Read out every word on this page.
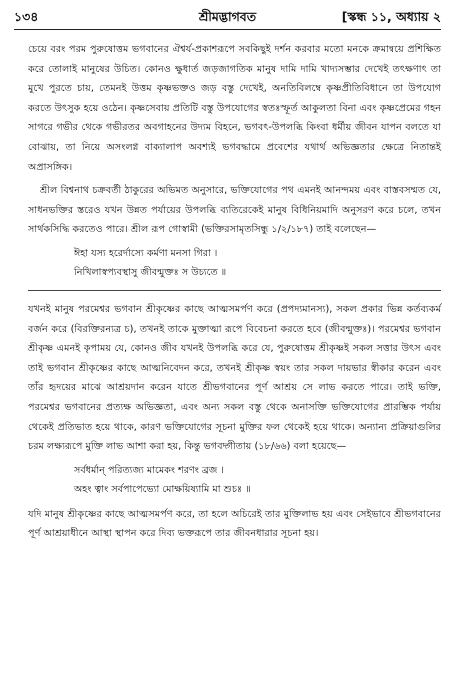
১৩৪	শ্রীমদ্ভাগবত	[স্কন্ধ ১১, অধ্যায় ২

চেয়ে বরং পরম পুরুষোত্তম ভগবানের ঐশ্বর্য-প্রকাশরূপে সবকিছুই দর্শন করবার মতো মনকে ক্রমান্বয়ে প্রশিক্ষিত করে তোলাই মানুষের উচিত। কোনও ক্ষুধার্ত জড়জাগতিক মানুষ দামি দামি খাদ্যসম্ভার দেখেই তৎক্ষণাৎ তা মুখে পুরতে চায়, তেমনই উত্তম কৃষ্ণভক্তও জড় বস্তু দেখেই, অনতিবিলম্বে কৃষ্ণপ্রীতিবিধানে তা উপযোগ করতে উৎসুক হয়ে ওঠেন। কৃষ্ণসেবায় প্রতিটি বস্তু উপযোগের স্বতঃস্ফূর্ত আকুলতা বিনা এবং কৃষ্ণপ্রেমের গহন সাগরে গভীর থেকে গভীরতর অবগাহনের উদ্যম বিহনে, ভগবৎ-উপলব্ধি কিংবা ধর্মীয় জীবন যাপন বলতে যা বোঝায়, তা নিয়ে অসংলগ্ন বাক্যালাপ অবশ্যই ভগবদ্ধামে প্রবেশের যথার্থ অভিজ্ঞতার ক্ষেত্রে নিতান্তই অপ্রাসঙ্গিক।

শ্রীল বিশ্বনাথ চক্রবর্তী ঠাকুরের অভিমত অনুসারে, ভক্তিযোগের পথ এমনই আনন্দময় এবং বাস্তবসম্মত যে, সাধনভক্তির স্তরেও যখন উন্নত পর্যায়ের উপলব্ধি ব্যতিরেকেই মানুষ বিধিনিয়মাদি অনুসরণ করে চলে, তখন সার্থকসিদ্ধি করতেও পারে। শ্রীল রূপ গোস্বামী (ভক্তিরসামৃতসিন্ধু ১/২/১৮৭) তাই বলেছেন—

ঈহা যস্য হরের্দাস্যে কর্মণা মনসা গিরা ।
নিখিলাস্বপ্যবস্থাসু জীবন্মুক্তঃ স উচ্যতে ॥

যখনই মানুষ পরমেশ্বর ভগবান শ্রীকৃষ্ণের কাছে আত্মসমর্পণ করে (প্রপদ্যমানস্য), সকল প্রকার ভিন্ন কর্তব্যকর্ম বর্জন করে (বিরক্তিরন্যত্র চ), তখনই তাকে মুক্তাত্মা রূপে বিবেচনা করতে হবে (জীবন্মুক্তঃ)। পরমেশ্বর ভগবান শ্রীকৃষ্ণ এমনই কৃপাময় যে, কোনও জীব যখনই উপলব্ধি করে যে, পুরুষোত্তম শ্রীকৃষ্ণই সকল সত্তার উৎস এবং তাই ভগবান শ্রীকৃষ্ণের কাছে আত্মনিবেদন করে, তখনই শ্রীকৃষ্ণ স্বয়ং তার সকল দায়ভার স্বীকার করেন এবং তাঁর হৃদয়ের মাঝে আশ্রয়দান করেন যাতে শ্রীভগবানের পূর্ণ আশ্রয় সে লাভ করতে পারে। তাই ভক্তি, পরমেশ্বর ভগবানের প্রত্যক্ষ অভিজ্ঞতা, এবং অন্য সকল বস্তু থেকে অনাসক্তি ভক্তিযোগের প্রারম্ভিক পর্যায় থেকেই প্রতিভাত হয়ে থাকে, কারণ ভক্তিযোগের সূচনা মুক্তির ফল থেকেই হয়ে থাকে। অন্যান্য প্রক্রিয়াগুলির চরম লক্ষ্যরূপে মুক্তি লাভ আশা করা হয়, কিন্তু ভগবদ্গীতায় (১৮/৬৬) বলা হয়েছে—

সর্বধর্মান্ পরিত্যজ্য মামেকং শরণং ব্রজ ।
অহং ত্বাং সর্বপাপেভ্যো মোক্ষয়িষ্যামি মা শুচঃ ॥

যদি মানুষ শ্রীকৃষ্ণের কাছে আত্মসমর্পণ করে, তা হলে অচিরেই তার মুক্তিলাভ হয় এবং সেইভাবে শ্রীভগবানের পূর্ণ আশ্রয়াধীনে আস্থা স্থাপন করে দিব্য ভক্তরূপে তার জীবনধারার সূচনা হয়।
